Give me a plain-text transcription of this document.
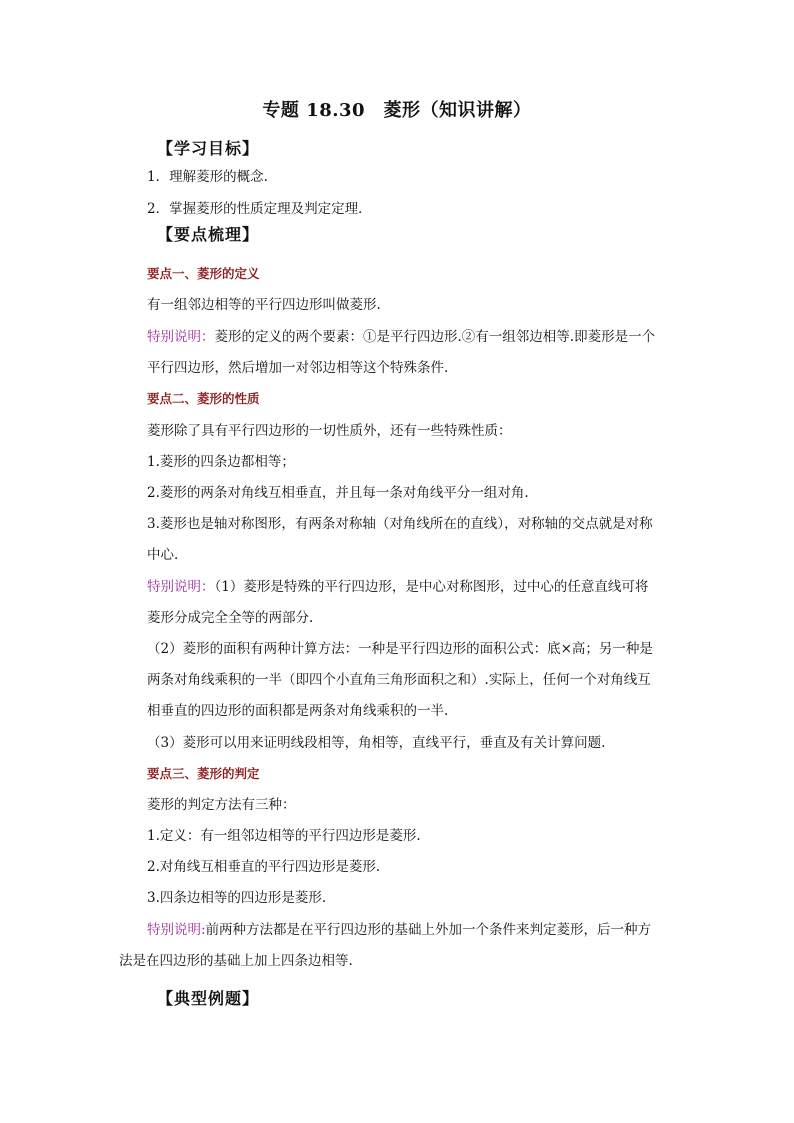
专题 18.30　菱形（知识讲解）
【学习目标】
1．理解菱形的概念.
2．掌握菱形的性质定理及判定定理．
【要点梳理】
要点一、菱形的定义
有一组邻边相等的平行四边形叫做菱形.
特别说明：菱形的定义的两个要素：①是平行四边形.②有一组邻边相等.即菱形是一个
平行四边形，然后增加一对邻边相等这个特殊条件.
要点二、菱形的性质
菱形除了具有平行四边形的一切性质外，还有一些特殊性质：
1.菱形的四条边都相等；
2.菱形的两条对角线互相垂直，并且每一条对角线平分一组对角.
3.菱形也是轴对称图形，有两条对称轴（对角线所在的直线），对称轴的交点就是对称
中心.
特别说明：（1）菱形是特殊的平行四边形，是中心对称图形，过中心的任意直线可将
菱形分成完全全等的两部分.
（2）菱形的面积有两种计算方法：一种是平行四边形的面积公式：底×高；另一种是
两条对角线乘积的一半（即四个小直角三角形面积之和）.实际上，任何一个对角线互
相垂直的四边形的面积都是两条对角线乘积的一半.
（3）菱形可以用来证明线段相等，角相等，直线平行，垂直及有关计算问题.
要点三、菱形的判定
菱形的判定方法有三种：
1.定义：有一组邻边相等的平行四边形是菱形.
2.对角线互相垂直的平行四边形是菱形.
3.四条边相等的四边形是菱形.
特别说明:前两种方法都是在平行四边形的基础上外加一个条件来判定菱形，后一种方
法是在四边形的基础上加上四条边相等.
【典型例题】
